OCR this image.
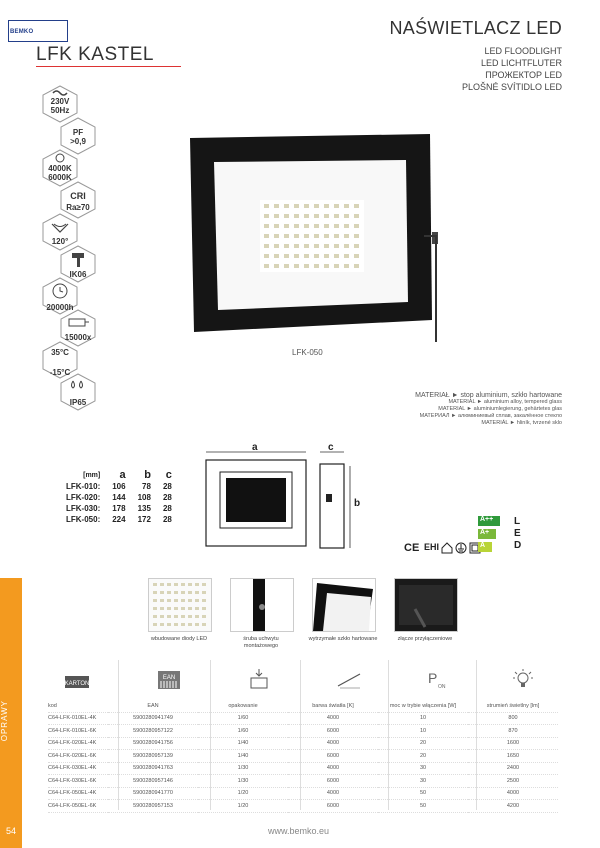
BEMKO
LFK KASTEL
NAŚWIETLACZ LED
LED FLOODLIGHT
LED LICHTFLUTER
ПРОЖЕКТОР LED
PLOŠNÉ SVÍTIDLO LED
230V
50Hz
PF
>0,9
4000K
6000K
CRI
Ra≥70
120°
IK06
20000h
15000x
35°C
-15°C
IP65
LFK-050
MATERIAŁ ► stop aluminium, szkło hartowane
MATERIAL ► aluminium alloy, tempered glass
MATERIAL ► aluminiumlegierung, gehärtetes glas
МАТЕРИАЛ ► алюминиевый сплав, закалённое стекло
MATERIÁL ► hliník, tvrzené sklo
[mm]	a	b	c
LFK-010:	106	78	28
LFK-020:	144	108	28
LFK-030:	178	135	28
LFK-050:	224	172	28
a	c
b
CE EHI
A++
A+
A
L
E
D
wbudowane diody LED	śruba uchwytu montażowego
wytrzymałe szkło hartowane	złącze przyłączeniowe
KARTON
EAN	P
ON
kod	EAN	opakowanie	barwa światła [K]	moc w trybie włączenia [W]	strumień świetlny [lm]
C64-LFK-010EL-4K	5900280941749	1/60	4000	10	800
C64-LFK-010EL-6K	5900280957122	1/60	6000	10	870
C64-LFK-020EL-4K	5900280941756	1/40	4000	20	1600
C64-LFK-020EL-6K	5900280957139	1/40	6000	20	1650
C64-LFK-030EL-4K	5900280941763	1/30	4000	30	2400
C64-LFK-030EL-6K	5900280957146	1/30	6000	30	2500
C64-LFK-050EL-4K	5900280941770	1/20	4000	50	4000
C64-LFK-050EL-6K	5900280957153	1/20	6000	50	4200
OPRAWY
54	www.bemko.eu
